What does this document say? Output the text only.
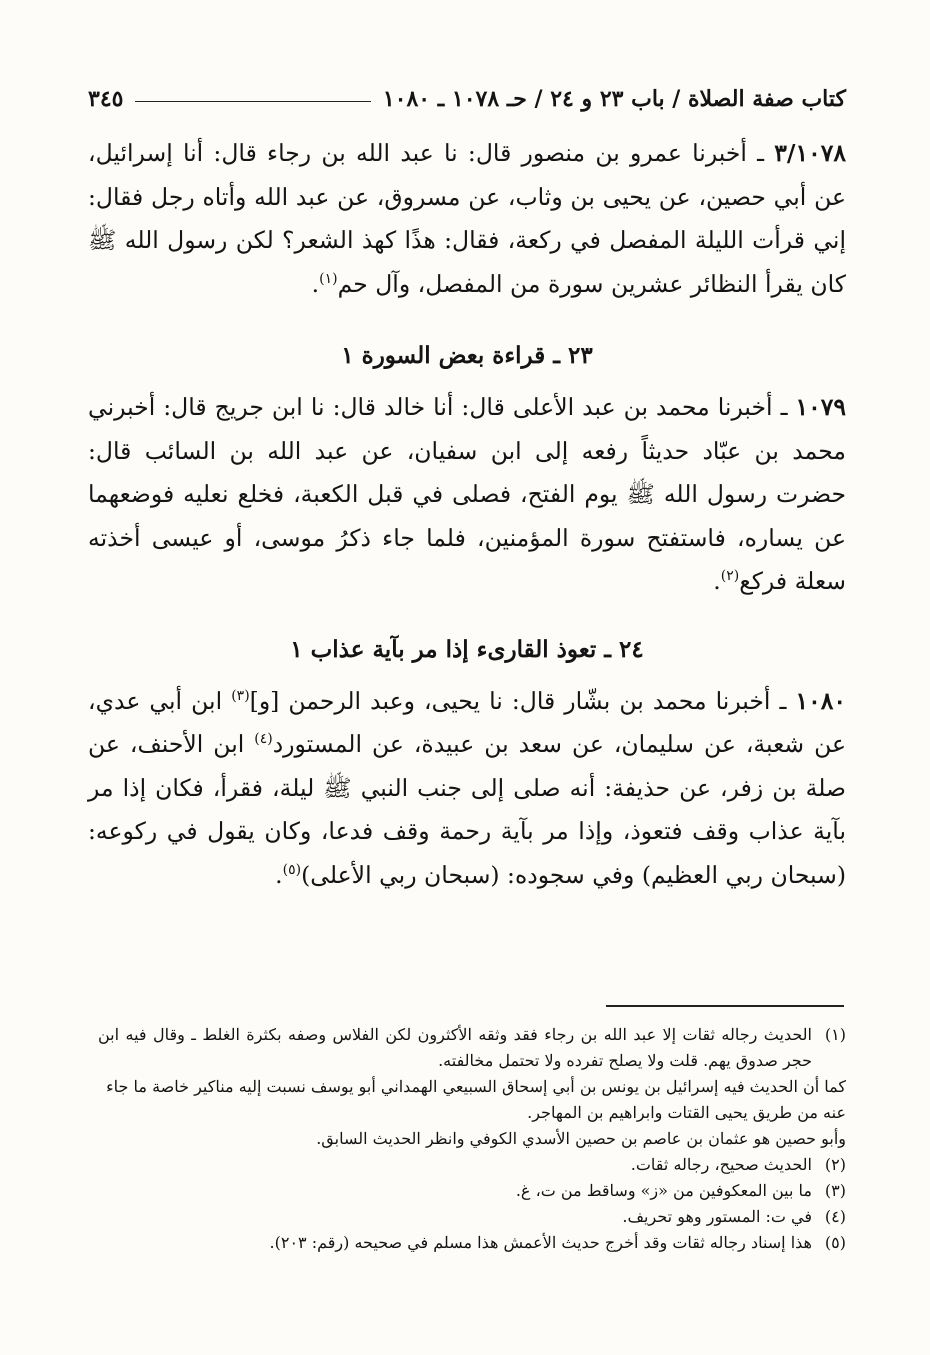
كتاب صفة الصلاة / باب ٢٣ و ٢٤ / حـ ١٠٧٨ ـ ١٠٨٠
٣٤٥

٣/١٠٧٨ ـ أخبرنا عمرو بن منصور قال: نا عبد الله بن رجاء قال: أنا إسرائيل، عن أبي حصين، عن يحيى بن وثاب، عن مسروق، عن عبد الله وأتاه رجل فقال: إني قرأت الليلة المفصل في ركعة، فقال: هذًا كهذ الشعر؟ لكن رسول الله ﷺ كان يقرأ النظائر عشرين سورة من المفصل، وآل حم$^{(١)}$.

٢٣ ـ قراءة بعض السورة ١

١٠٧٩ ـ أخبرنا محمد بن عبد الأعلى قال: أنا خالد قال: نا ابن جريج قال: أخبرني محمد بن عبّاد حديثاً رفعه إلى ابن سفيان، عن عبد الله بن السائب قال: حضرت رسول الله ﷺ يوم الفتح، فصلى في قبل الكعبة، فخلع نعليه فوضعهما عن يساره، فاستفتح سورة المؤمنين، فلما جاء ذكرُ موسى، أو عيسى أخذته سعلة فركع$^{(٢)}$.

٢٤ ـ تعوذ القارىء إذا مر بآية عذاب ١

١٠٨٠ ـ أخبرنا محمد بن بشّار قال: نا يحيى، وعبد الرحمن [و]$^{(٣)}$ ابن أبي عدي، عن شعبة، عن سليمان، عن سعد بن عبيدة، عن المستورد$^{(٤)}$ ابن الأحنف، عن صلة بن زفر، عن حذيفة: أنه صلى إلى جنب النبي ﷺ ليلة، فقرأ، فكان إذا مر بآية عذاب وقف فتعوذ، وإذا مر بآية رحمة وقف فدعا، وكان يقول في ركوعه: (سبحان ربي العظيم) وفي سجوده: (سبحان ربي الأعلى)$^{(٥)}$.

(١)
الحديث رجاله ثقات إلا عبد الله بن رجاء فقد وثقه الأكثرون لكن الفلاس وصفه بكثرة الغلط ـ وقال فيه ابن حجر صدوق يهم. قلت ولا يصلح تفرده ولا تحتمل مخالفته.
كما أن الحديث فيه إسرائيل بن يونس بن أبي إسحاق السبيعي الهمداني أبو يوسف نسبت إليه مناكير خاصة ما جاء عنه من طريق يحيى القتات وابراهيم بن المهاجر.
وأبو حصين هو عثمان بن عاصم بن حصين الأسدي الكوفي وانظر الحديث السابق.
(٢)
الحديث صحيح، رجاله ثقات.
(٣)
ما بين المعكوفين من «ز» وساقط من ت، غ.
(٤)
في ت: المستور وهو تحريف.
(٥)
هذا إسناد رجاله ثقات وقد أخرج حديث الأعمش هذا مسلم في صحيحه (رقم: ٢٠٣).
